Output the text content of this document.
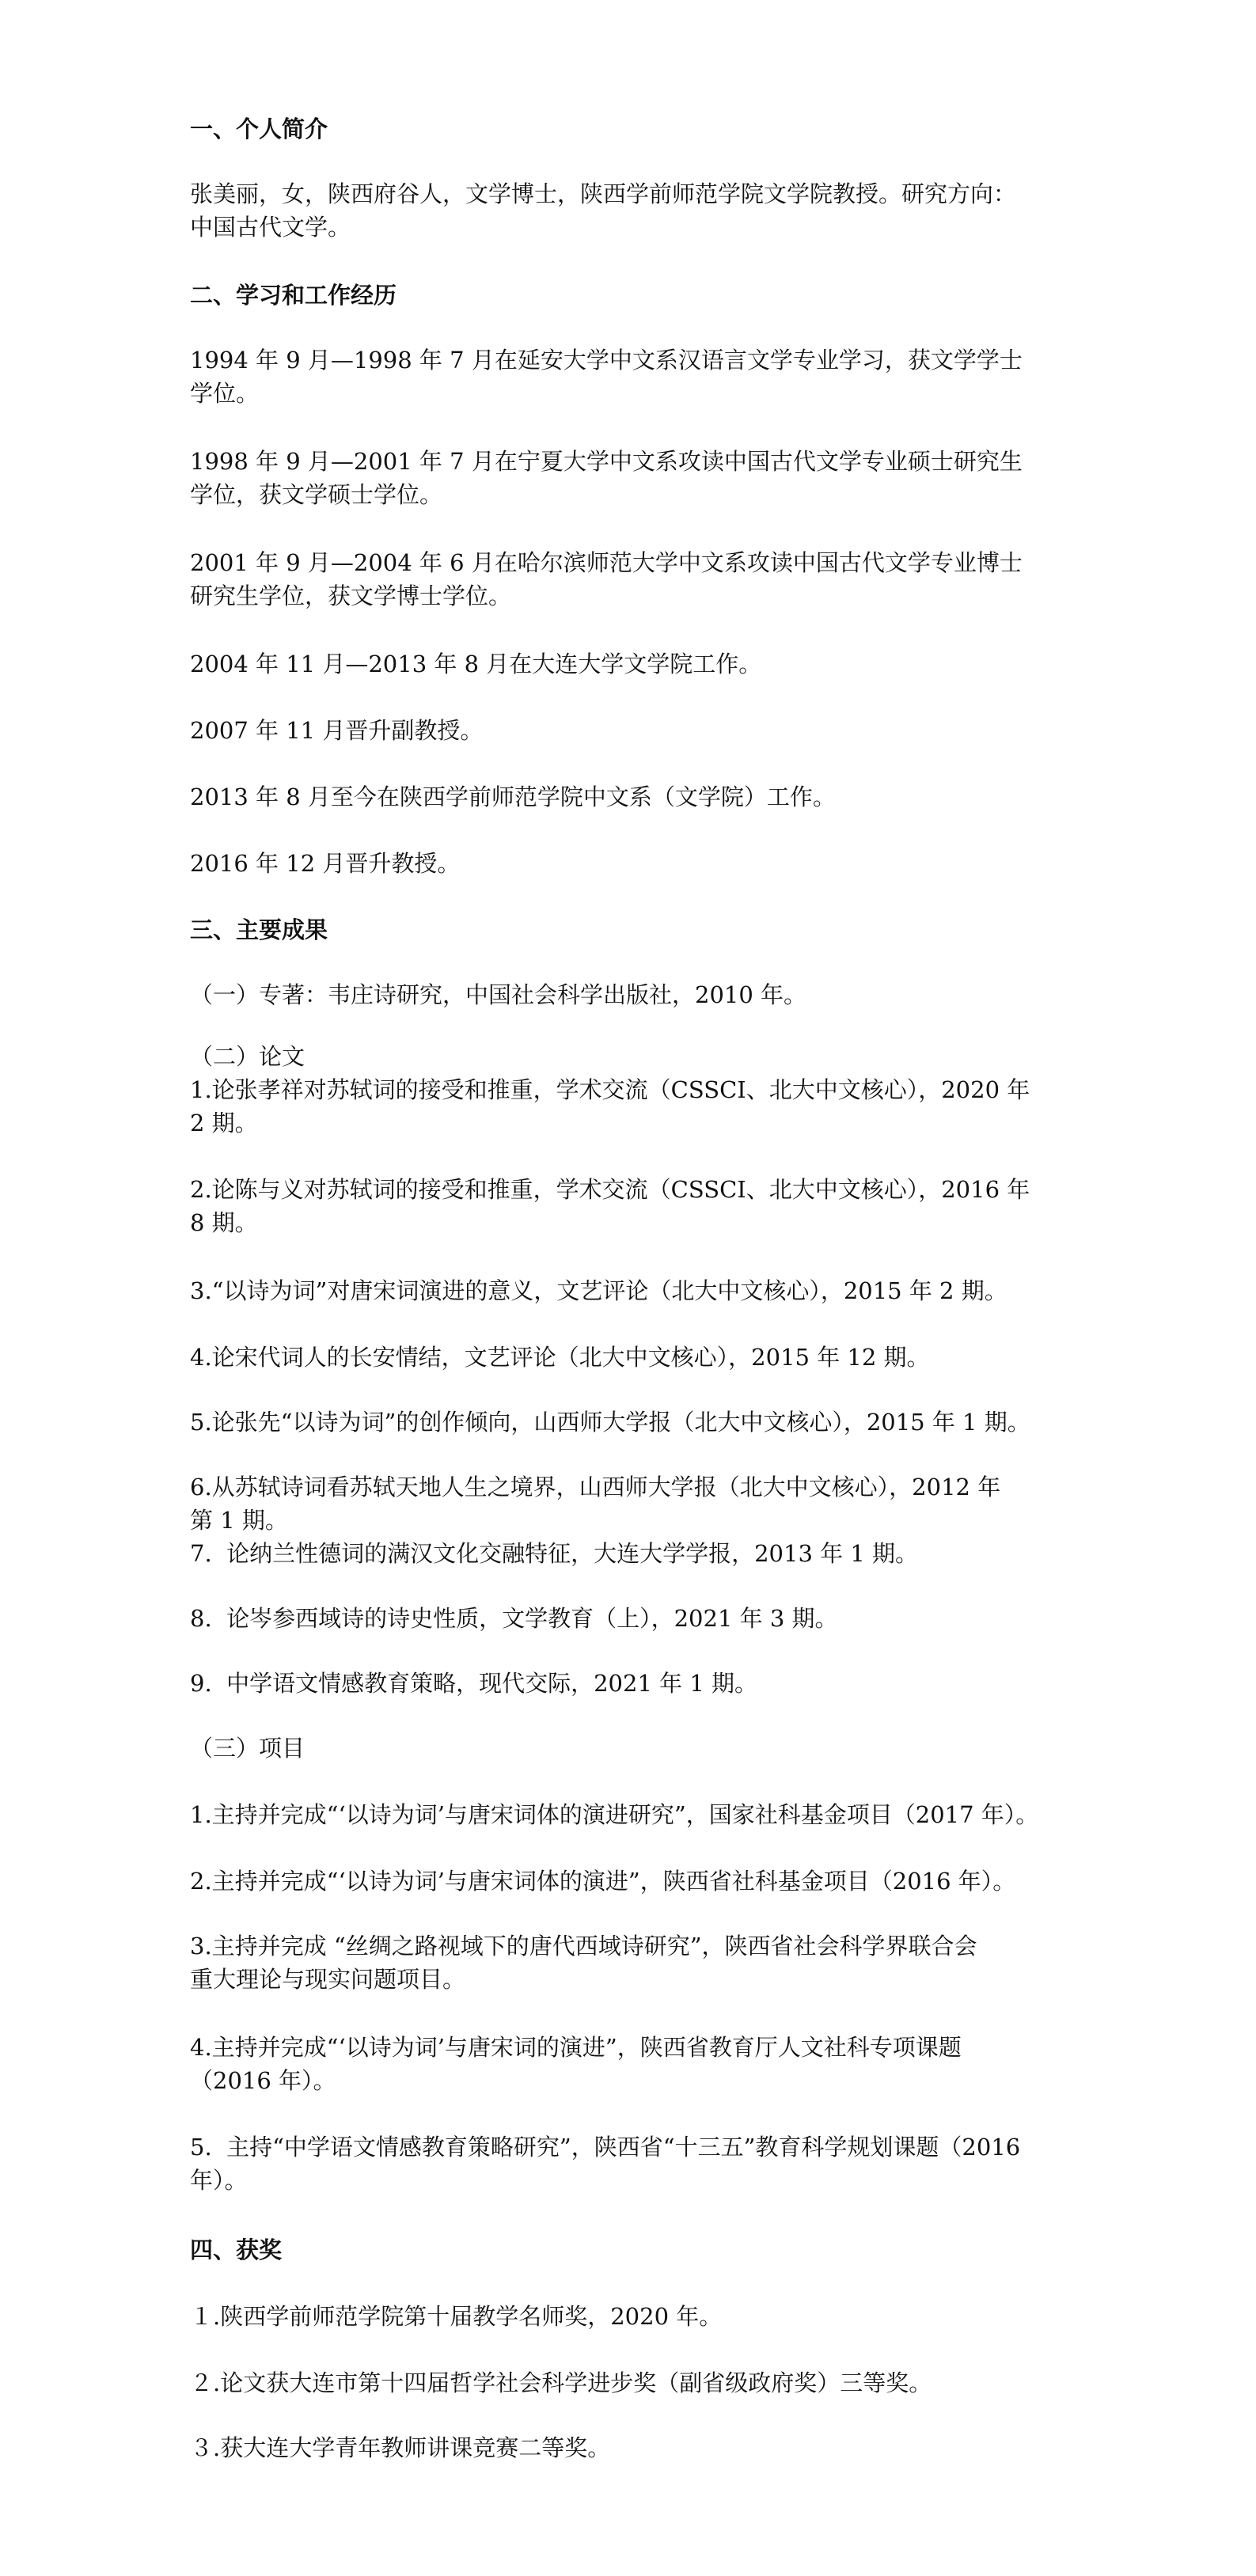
一、个人简介
张美丽，女，陕西府谷人，文学博士，陕西学前师范学院文学院教授。研究方向：
中国古代文学。
二、学习和工作经历
1994 年 9 月—1998 年 7 月在延安大学中文系汉语言文学专业学习，获文学学士
学位。
1998 年 9 月—2001 年 7 月在宁夏大学中文系攻读中国古代文学专业硕士研究生
学位，获文学硕士学位。
2001 年 9 月—2004 年 6 月在哈尔滨师范大学中文系攻读中国古代文学专业博士
研究生学位，获文学博士学位。
2004 年 11 月—2013 年 8 月在大连大学文学院工作。
2007 年 11 月晋升副教授。
2013 年 8 月至今在陕西学前师范学院中文系（文学院）工作。
2016 年 12 月晋升教授。
三、主要成果
（一）专著：韦庄诗研究，中国社会科学出版社，2010 年。
（二）论文
1.论张孝祥对苏轼词的接受和推重，学术交流（CSSCI、北大中文核心），2020 年
2 期。
2.论陈与义对苏轼词的接受和推重，学术交流（CSSCI、北大中文核心），2016 年
8 期。
3.“以诗为词”对唐宋词演进的意义，文艺评论（北大中文核心），2015 年 2 期。
4.论宋代词人的长安情结，文艺评论（北大中文核心），2015 年 12 期。
5.论张先“以诗为词”的创作倾向，山西师大学报（北大中文核心），2015 年 1 期。
6.从苏轼诗词看苏轼天地人生之境界，山西师大学报（北大中文核心），2012 年
第 1 期。
7.  论纳兰性德词的满汉文化交融特征，大连大学学报，2013 年 1 期。
8.  论岑参西域诗的诗史性质，文学教育（上），2021 年 3 期。
9.  中学语文情感教育策略，现代交际，2021 年 1 期。
（三）项目
1.主持并完成“‘以诗为词’与唐宋词体的演进研究”，国家社科基金项目（2017 年）。
2.主持并完成“‘以诗为词’与唐宋词体的演进”，陕西省社科基金项目（2016 年）。
3.主持并完成 “丝绸之路视域下的唐代西域诗研究”，陕西省社会科学界联合会
重大理论与现实问题项目。
4.主持并完成“‘以诗为词’与唐宋词的演进”，陕西省教育厅人文社科专项课题
（2016 年）。
5.  主持“中学语文情感教育策略研究”，陕西省“十三五”教育科学规划课题（2016
年）。
四、获奖
１.陕西学前师范学院第十届教学名师奖，2020 年。
２.论文获大连市第十四届哲学社会科学进步奖（副省级政府奖）三等奖。
３.获大连大学青年教师讲课竞赛二等奖。
